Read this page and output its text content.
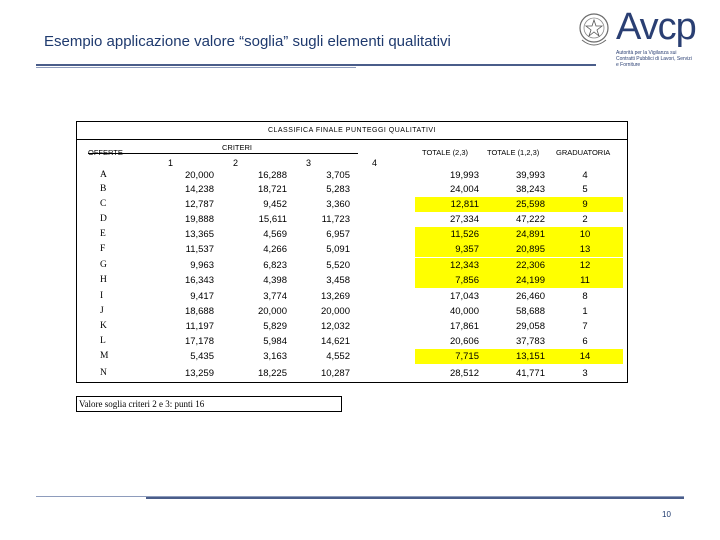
Esempio applicazione valore “soglia” sugli elementi qualitativi	Avcp
Autorità per la Vigilanza sui Contratti Pubblici di Lavori, Servizi e Forniture
CLASSIFICA FINALE PUNTEGGI QUALITATIVI
CRITERI
1	2	3	4
TOTALE (2,3)	TOTALE (1,2,3) GRADUATORIA
A	20,000	16,288	3,705	19,993	39,993	4
B	14,238	18,721	5,283	24,004	38,243	5
C	12,787	9,452	3,360	12,811	25,598	9
D	19,888	15,611	11,723	27,334	47,222	2
E	13,365	4,569	6,957	11,526	24,891	10
F	11,537	4,266	5,091	9,357	20,895	13
G	9,963	6,823	5,520	12,343	22,306	12
H	16,343	4,398	3,458	7,856	24,199	11
I	9,417	3,774	13,269	17,043	26,460	8
J	18,688	20,000	20,000	40,000	58,688	1
K	11,197	5,829	12,032	17,861	29,058	7
L	17,178	5,984	14,621	20,606	37,783	6
M	5,435	3,163	4,552	7,715	13,151	14
N	13,259	18,225	10,287	28,512	41,771	3
Valore soglia criteri 2 e 3: punti 16
10
